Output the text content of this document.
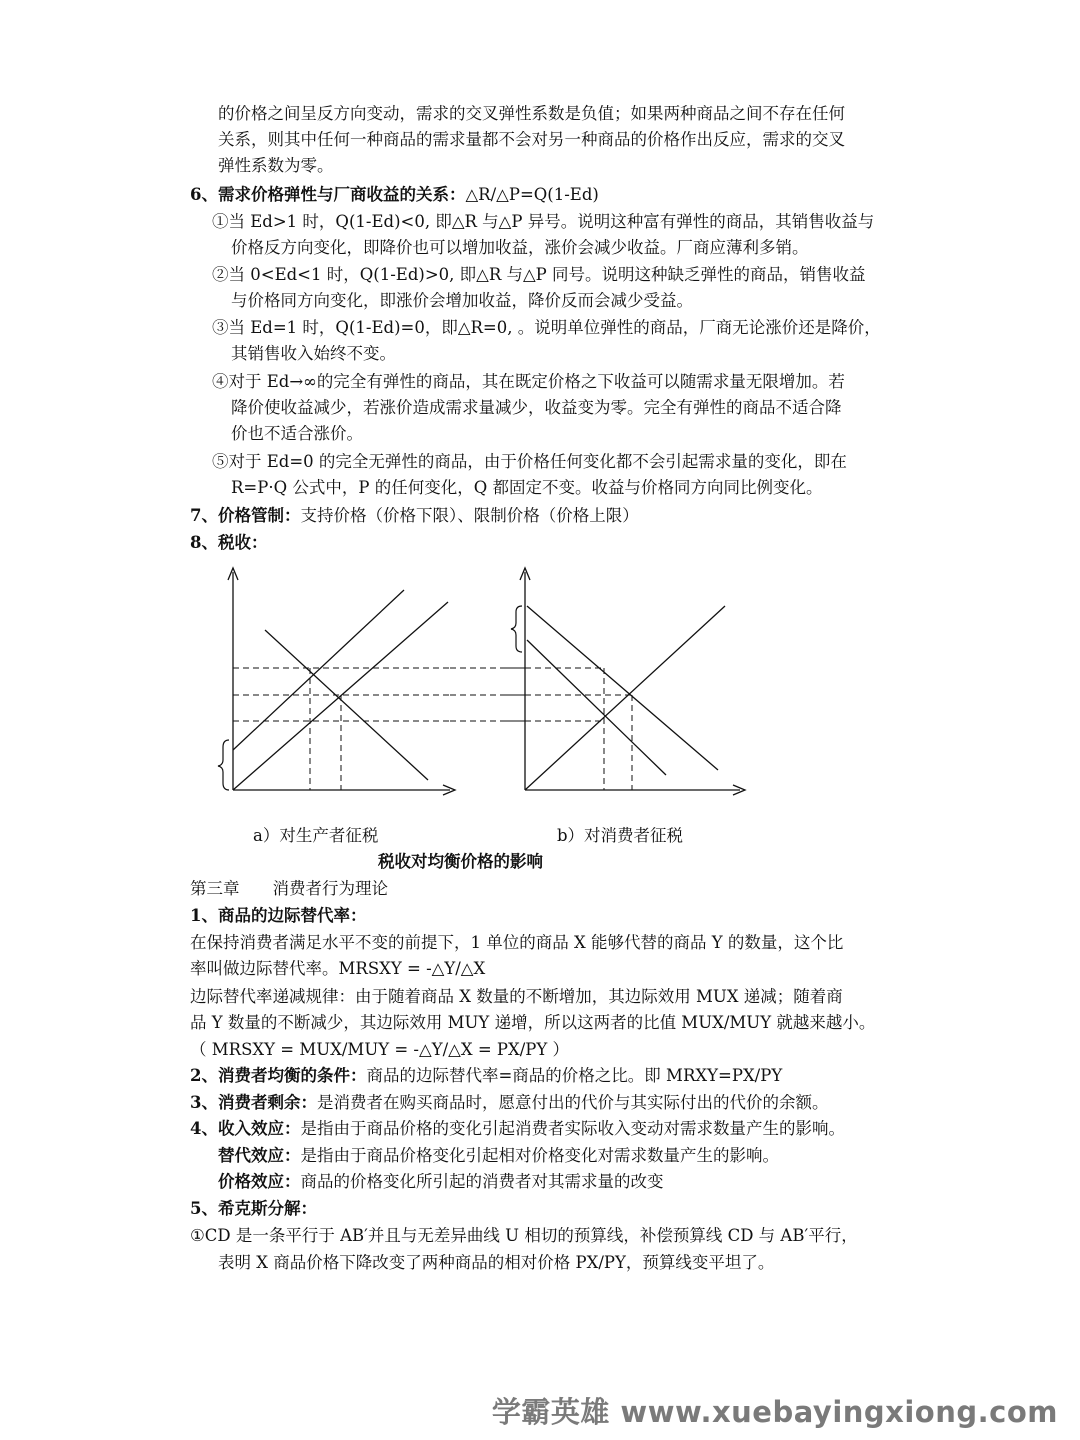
的价格之间呈反方向变动，需求的交叉弹性系数是负值；如果两种商品之间不存在任何
关系，则其中任何一种商品的需求量都不会对另一种商品的价格作出反应，需求的交叉
弹性系数为零。
6、需求价格弹性与厂商收益的关系：△R/△P=Q(1-Ed)
①当 Ed>1 时，Q(1-Ed)<0, 即△R 与△P 异号。说明这种富有弹性的商品，其销售收益与
价格反方向变化，即降价也可以增加收益，涨价会减少收益。厂商应薄利多销。
②当 0<Ed<1 时，Q(1-Ed)>0, 即△R 与△P 同号。说明这种缺乏弹性的商品，销售收益
与价格同方向变化，即涨价会增加收益，降价反而会减少受益。
③当 Ed=1 时，Q(1-Ed)=0，即△R=0, 。说明单位弹性的商品，厂商无论涨价还是降价，
其销售收入始终不变。
④对于 Ed→∞的完全有弹性的商品，其在既定价格之下收益可以随需求量无限增加。若
降价使收益减少，若涨价造成需求量减少，收益变为零。完全有弹性的商品不适合降
价也不适合涨价。
⑤对于 Ed=0 的完全无弹性的商品，由于价格任何变化都不会引起需求量的变化，即在
R=P·Q 公式中，P 的任何变化，Q 都固定不变。收益与价格同方向同比例变化。
7、价格管制：支持价格（价格下限）、限制价格（价格上限）
8、税收：
a）对生产者征税	b）对消费者征税
税收对均衡价格的影响
第三章　　消费者行为理论
1、商品的边际替代率：
在保持消费者满足水平不变的前提下，1 单位的商品 X 能够代替的商品 Y 的数量，这个比
率叫做边际替代率。MRSXY = -△Y/△X
边际替代率递减规律：由于随着商品 X 数量的不断增加，其边际效用 MUX 递减；随着商
品 Y 数量的不断减少，其边际效用 MUY 递增，所以这两者的比值 MUX/MUY 就越来越小。
（ MRSXY = MUX/MUY = -△Y/△X = PX/PY ）
2、消费者均衡的条件：商品的边际替代率=商品的价格之比。即 MRXY=PX/PY
3、消费者剩余：是消费者在购买商品时，愿意付出的代价与其实际付出的代价的余额。
4、收入效应：是指由于商品价格的变化引起消费者实际收入变动对需求数量产生的影响。
替代效应：是指由于商品价格变化引起相对价格变化对需求数量产生的影响。
价格效应：商品的价格变化所引起的消费者对其需求量的改变
5、希克斯分解：
①CD 是一条平行于 AB′并且与无差异曲线 U 相切的预算线，补偿预算线 CD 与 AB′平行，
表明 X 商品价格下降改变了两种商品的相对价格 PX/PY，预算线变平坦了。
学霸英雄 www.xuebayingxiong.com
